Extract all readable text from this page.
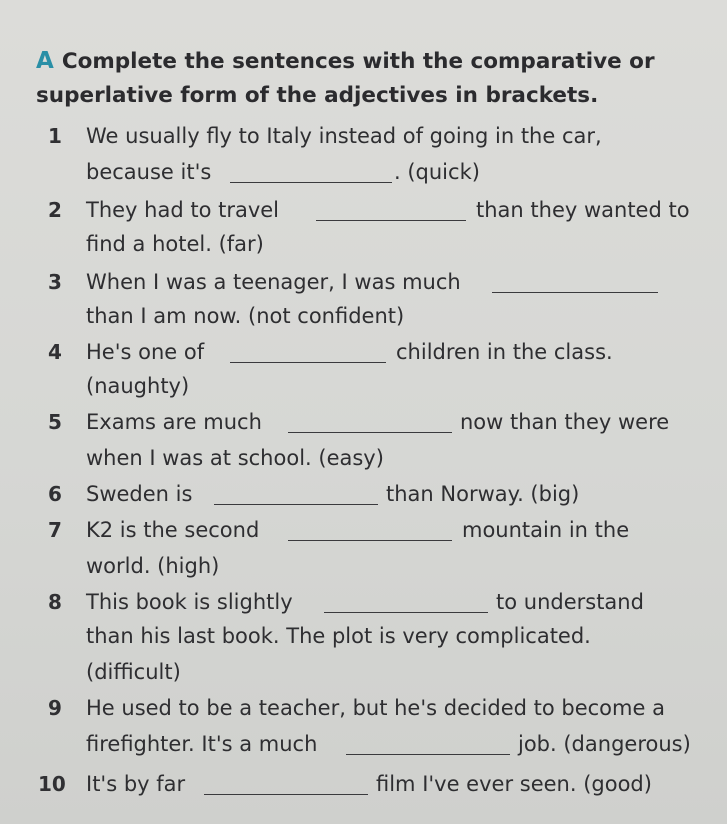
A Complete the sentences with the comparative or
superlative form of the adjectives in brackets.
1 We usually fly to Italy instead of going in the car,
because it's	. (quick)
2 They had to travel	than they wanted to
find a hotel. (far)
3 When I was a teenager, I was much
than I am now. (not confident)
4 He's one of	children in the class.
(naughty)
5 Exams are much	now than they were
when I was at school. (easy)
6 Sweden is	than Norway. (big)
7 K2 is the second	mountain in the
world. (high)
8 This book is slightly	to understand
than his last book. The plot is very complicated.
(difficult)
9 He used to be a teacher, but he's decided to become a
firefighter. It's a much	job. (dangerous)
10 It's by far	film I've ever seen. (good)
